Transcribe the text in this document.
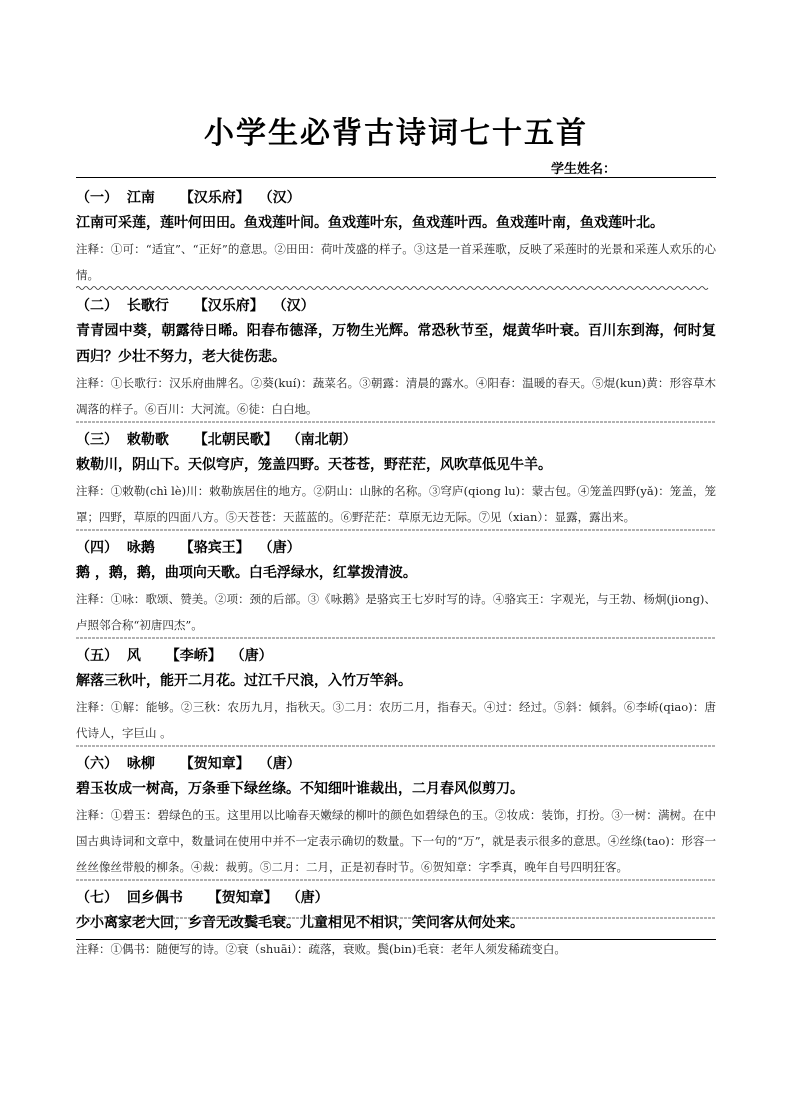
小学生必背古诗词七十五首
学生姓名：
（一） 江南 【汉乐府】 （汉）

江南可采莲，莲叶何田田。鱼戏莲叶间。鱼戏莲叶东，鱼戏莲叶西。鱼戏莲叶南，鱼戏莲叶北。

注释：①可：“适宜”、“正好”的意思。②田田：荷叶茂盛的样子。③这是一首采莲歌，反映了采莲时的光景和采莲人欢乐的心情。

（二） 长歌行 【汉乐府】 （汉）

青青园中葵，朝露待日晞。阳春布德泽，万物生光辉。常恐秋节至，焜黄华叶衰。百川东到海，何时复西归？少壮不努力，老大徒伤悲。

注释：①长歌行：汉乐府曲牌名。②葵(kuí)：蔬菜名。③朝露：清晨的露水。④阳春：温暖的春天。⑤焜(kun)黄：形容草木凋落的样子。⑥百川：大河流。⑥徒：白白地。

（三） 敕勒歌 【北朝民歌】 （南北朝）

敕勒川，阴山下。天似穹庐，笼盖四野。天苍苍，野茫茫，风吹草低见牛羊。

注释：①敕勒(chì lè)川：敕勒族居住的地方。②阴山：山脉的名称。③穹庐(qiong lu)：蒙古包。④笼盖四野(yǎ)：笼盖，笼罩；四野，草原的四面八方。⑤天苍苍：天蓝蓝的。⑥野茫茫：草原无边无际。⑦见（xian）：显露，露出来。

（四） 咏鹅 【骆宾王】 （唐）

鹅 ，鹅，鹅，曲项向天歌。白毛浮绿水，红掌拨清波。

注释：①咏：歌颂、赞美。②项：颈的后部。③《咏鹅》是骆宾王七岁时写的诗。④骆宾王：字观光，与王勃、杨炯(jiong)、卢照邻合称“初唐四杰”。

（五） 风 【李峤】 （唐）

解落三秋叶，能开二月花。过江千尺浪，入竹万竿斜。

注释：①解：能够。②三秋：农历九月，指秋天。③二月：农历二月，指春天。④过：经过。⑤斜：倾斜。⑥李峤(qiao)：唐代诗人，字巨山 。

（六） 咏柳 【贺知章】 （唐）

碧玉妆成一树高，万条垂下绿丝绦。不知细叶谁裁出，二月春风似剪刀。

注释：①碧玉：碧绿色的玉。这里用以比喻春天嫩绿的柳叶的颜色如碧绿色的玉。②妆成：装饰，打扮。③一树：满树。在中国古典诗词和文章中，数量词在使用中并不一定表示确切的数量。下一句的“万”，就是表示很多的意思。④丝绦(tao)：形容一丝丝像丝带般的柳条。④裁：裁剪。⑤二月：二月，正是初春时节。⑥贺知章：字季真，晚年自号四明狂客。

（七） 回乡偶书 【贺知章】 （唐）

少小离家老大回，乡音无改鬓毛衰。儿童相见不相识，笑问客从何处来。

注释：①偶书：随便写的诗。②衰（shuāi）：疏落，衰败。鬓(bin)毛衰：老年人须发稀疏变白。
